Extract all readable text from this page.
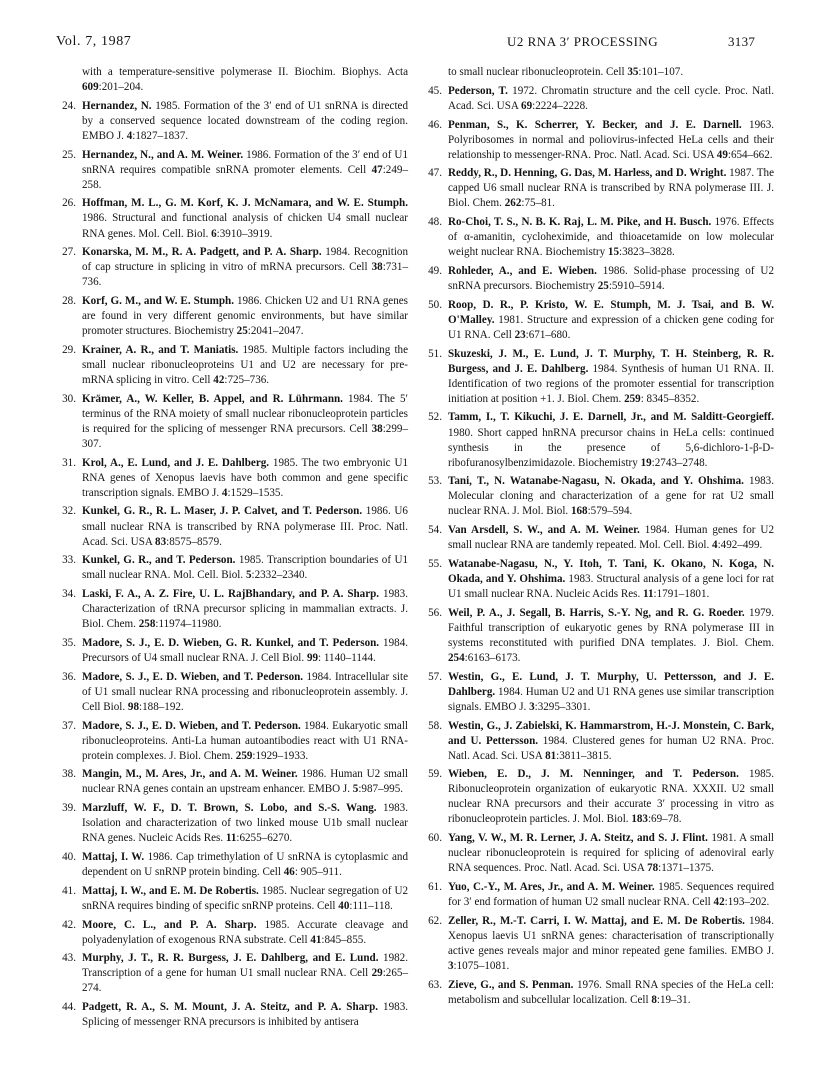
Vol. 7, 1987	U2 RNA 3′ PROCESSING	3137
with a temperature-sensitive polymerase II. Biochim. Biophys. Acta 609:201–204.
24. Hernandez, N. 1985. Formation of the 3′ end of U1 snRNA is directed by a conserved sequence located downstream of the coding region. EMBO J. 4:1827–1837.
25. Hernandez, N., and A. M. Weiner. 1986. Formation of the 3′ end of U1 snRNA requires compatible snRNA promoter elements. Cell 47:249–258.
26. Hoffman, M. L., G. M. Korf, K. J. McNamara, and W. E. Stumph. 1986. Structural and functional analysis of chicken U4 small nuclear RNA genes. Mol. Cell. Biol. 6:3910–3919.
27. Konarska, M. M., R. A. Padgett, and P. A. Sharp. 1984. Recognition of cap structure in splicing in vitro of mRNA precursors. Cell 38:731–736.
28. Korf, G. M., and W. E. Stumph. 1986. Chicken U2 and U1 RNA genes are found in very different genomic environments, but have similar promoter structures. Biochemistry 25:2041–2047.
29. Krainer, A. R., and T. Maniatis. 1985. Multiple factors including the small nuclear ribonucleoproteins U1 and U2 are necessary for pre-mRNA splicing in vitro. Cell 42:725–736.
30. Krämer, A., W. Keller, B. Appel, and R. Lührmann. 1984. The 5′ terminus of the RNA moiety of small nuclear ribonucleoprotein particles is required for the splicing of messenger RNA precursors. Cell 38:299–307.
31. Krol, A., E. Lund, and J. E. Dahlberg. 1985. The two embryonic U1 RNA genes of Xenopus laevis have both common and gene specific transcription signals. EMBO J. 4:1529–1535.
32. Kunkel, G. R., R. L. Maser, J. P. Calvet, and T. Pederson. 1986. U6 small nuclear RNA is transcribed by RNA polymerase III. Proc. Natl. Acad. Sci. USA 83:8575–8579.
33. Kunkel, G. R., and T. Pederson. 1985. Transcription boundaries of U1 small nuclear RNA. Mol. Cell. Biol. 5:2332–2340.
34. Laski, F. A., A. Z. Fire, U. L. RajBhandary, and P. A. Sharp. 1983. Characterization of tRNA precursor splicing in mammalian extracts. J. Biol. Chem. 258:11974–11980.
35. Madore, S. J., E. D. Wieben, G. R. Kunkel, and T. Pederson. 1984. Precursors of U4 small nuclear RNA. J. Cell Biol. 99: 1140–1144.
36. Madore, S. J., E. D. Wieben, and T. Pederson. 1984. Intracellular site of U1 small nuclear RNA processing and ribonucleoprotein assembly. J. Cell Biol. 98:188–192.
37. Madore, S. J., E. D. Wieben, and T. Pederson. 1984. Eukaryotic small ribonucleoproteins. Anti-La human autoantibodies react with U1 RNA-protein complexes. J. Biol. Chem. 259:1929–1933.
38. Mangin, M., M. Ares, Jr., and A. M. Weiner. 1986. Human U2 small nuclear RNA genes contain an upstream enhancer. EMBO J. 5:987–995.
39. Marzluff, W. F., D. T. Brown, S. Lobo, and S.-S. Wang. 1983. Isolation and characterization of two linked mouse U1b small nuclear RNA genes. Nucleic Acids Res. 11:6255–6270.
40. Mattaj, I. W. 1986. Cap trimethylation of U snRNA is cytoplasmic and dependent on U snRNP protein binding. Cell 46: 905–911.
41. Mattaj, I. W., and E. M. De Robertis. 1985. Nuclear segregation of U2 snRNA requires binding of specific snRNP proteins. Cell 40:111–118.
42. Moore, C. L., and P. A. Sharp. 1985. Accurate cleavage and polyadenylation of exogenous RNA substrate. Cell 41:845–855.
43. Murphy, J. T., R. R. Burgess, J. E. Dahlberg, and E. Lund. 1982. Transcription of a gene for human U1 small nuclear RNA. Cell 29:265–274.
44. Padgett, R. A., S. M. Mount, J. A. Steitz, and P. A. Sharp. 1983. Splicing of messenger RNA precursors is inhibited by antisera
to small nuclear ribonucleoprotein. Cell 35:101–107.
45. Pederson, T. 1972. Chromatin structure and the cell cycle. Proc. Natl. Acad. Sci. USA 69:2224–2228.
46. Penman, S., K. Scherrer, Y. Becker, and J. E. Darnell. 1963. Polyribosomes in normal and poliovirus-infected HeLa cells and their relationship to messenger-RNA. Proc. Natl. Acad. Sci. USA 49:654–662.
47. Reddy, R., D. Henning, G. Das, M. Harless, and D. Wright. 1987. The capped U6 small nuclear RNA is transcribed by RNA polymerase III. J. Biol. Chem. 262:75–81.
48. Ro-Choi, T. S., N. B. K. Raj, L. M. Pike, and H. Busch. 1976. Effects of α-amanitin, cycloheximide, and thioacetamide on low molecular weight nuclear RNA. Biochemistry 15:3823–3828.
49. Rohleder, A., and E. Wieben. 1986. Solid-phase processing of U2 snRNA precursors. Biochemistry 25:5910–5914.
50. Roop, D. R., P. Kristo, W. E. Stumph, M. J. Tsai, and B. W. O'Malley. 1981. Structure and expression of a chicken gene coding for U1 RNA. Cell 23:671–680.
51. Skuzeski, J. M., E. Lund, J. T. Murphy, T. H. Steinberg, R. R. Burgess, and J. E. Dahlberg. 1984. Synthesis of human U1 RNA. II. Identification of two regions of the promoter essential for transcription initiation at position +1. J. Biol. Chem. 259: 8345–8352.
52. Tamm, I., T. Kikuchi, J. E. Darnell, Jr., and M. Salditt-Georgieff. 1980. Short capped hnRNA precursor chains in HeLa cells: continued synthesis in the presence of 5,6-dichloro-1-β-D-ribofuranosylbenzimidazole. Biochemistry 19:2743–2748.
53. Tani, T., N. Watanabe-Nagasu, N. Okada, and Y. Ohshima. 1983. Molecular cloning and characterization of a gene for rat U2 small nuclear RNA. J. Mol. Biol. 168:579–594.
54. Van Arsdell, S. W., and A. M. Weiner. 1984. Human genes for U2 small nuclear RNA are tandemly repeated. Mol. Cell. Biol. 4:492–499.
55. Watanabe-Nagasu, N., Y. Itoh, T. Tani, K. Okano, N. Koga, N. Okada, and Y. Ohshima. 1983. Structural analysis of a gene loci for rat U1 small nuclear RNA. Nucleic Acids Res. 11:1791–1801.
56. Weil, P. A., J. Segall, B. Harris, S.-Y. Ng, and R. G. Roeder. 1979. Faithful transcription of eukaryotic genes by RNA polymerase III in systems reconstituted with purified DNA templates. J. Biol. Chem. 254:6163–6173.
57. Westin, G., E. Lund, J. T. Murphy, U. Pettersson, and J. E. Dahlberg. 1984. Human U2 and U1 RNA genes use similar transcription signals. EMBO J. 3:3295–3301.
58. Westin, G., J. Zabielski, K. Hammarstrom, H.-J. Monstein, C. Bark, and U. Pettersson. 1984. Clustered genes for human U2 RNA. Proc. Natl. Acad. Sci. USA 81:3811–3815.
59. Wieben, E. D., J. M. Nenninger, and T. Pederson. 1985. Ribonucleoprotein organization of eukaryotic RNA. XXXII. U2 small nuclear RNA precursors and their accurate 3′ processing in vitro as ribonucleoprotein particles. J. Mol. Biol. 183:69–78.
60. Yang, V. W., M. R. Lerner, J. A. Steitz, and S. J. Flint. 1981. A small nuclear ribonucleoprotein is required for splicing of adenoviral early RNA sequences. Proc. Natl. Acad. Sci. USA 78:1371–1375.
61. Yuo, C.-Y., M. Ares, Jr., and A. M. Weiner. 1985. Sequences required for 3′ end formation of human U2 small nuclear RNA. Cell 42:193–202.
62. Zeller, R., M.-T. Carri, I. W. Mattaj, and E. M. De Robertis. 1984. Xenopus laevis U1 snRNA genes: characterisation of transcriptionally active genes reveals major and minor repeated gene families. EMBO J. 3:1075–1081.
63. Zieve, G., and S. Penman. 1976. Small RNA species of the HeLa cell: metabolism and subcellular localization. Cell 8:19–31.
